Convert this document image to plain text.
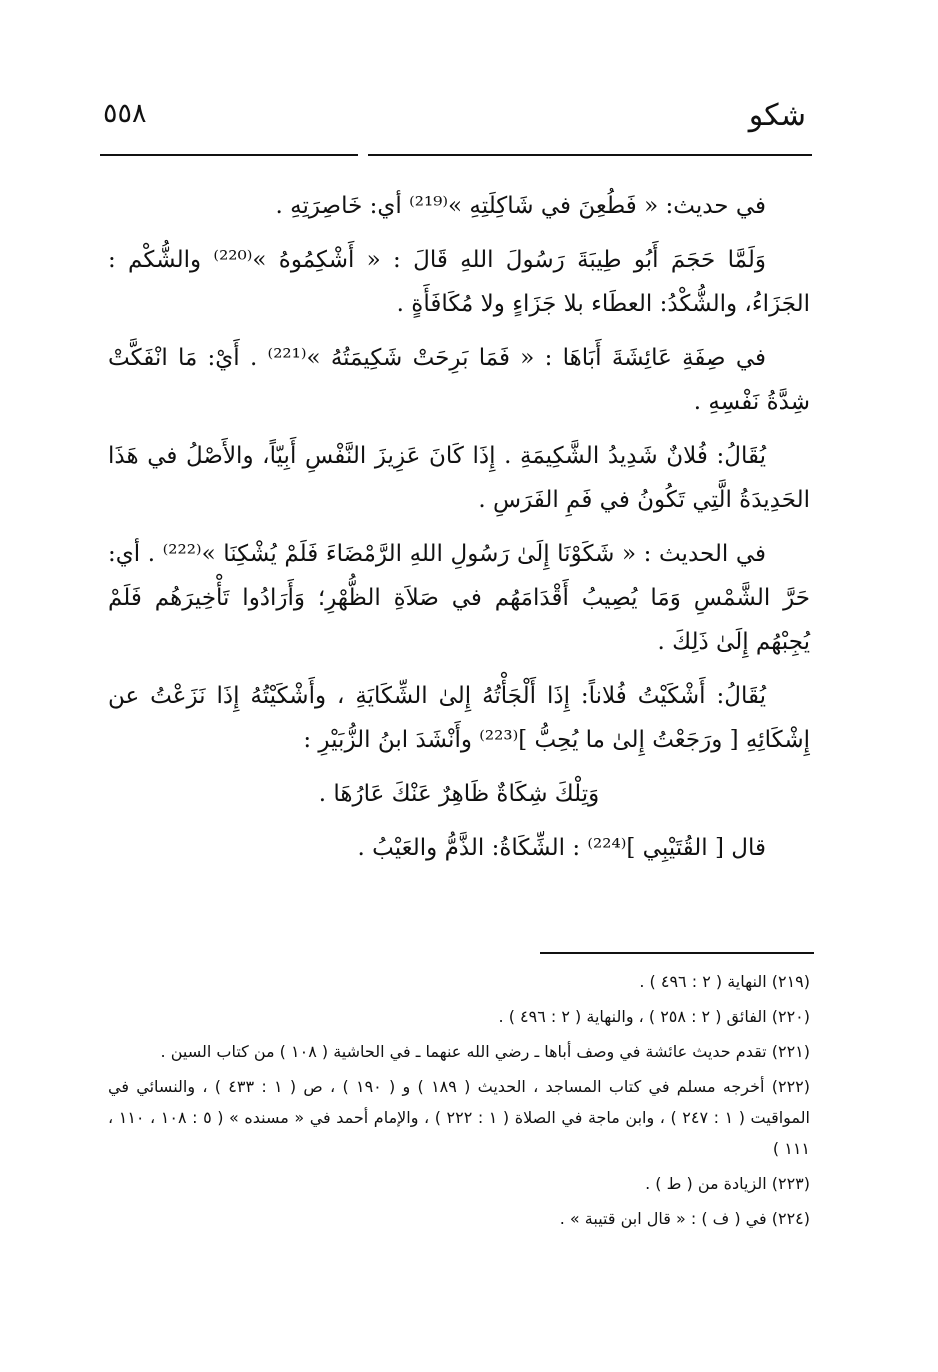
شكو
٥٥٨

في حديث: « فَطُعِنَ في شَاكِلَتِهِ »⁽²¹⁹⁾ أي: خَاصِرَتِهِ .

وَلَمَّا حَجَمَ أَبُو طِيبَةَ رَسُولَ اللهِ قَالَ : « أَشْكِمُوهُ »⁽²²⁰⁾ والشُّكْم : الجَزَاءُ، والشُّكْدُ: العطَاء بلا جَزَاءٍ ولا مُكَافَأَةٍ .

في صِفَةِ عَائِشَةَ أَبَاهَا : « فَمَا بَرِحَتْ شَكِيمَتُهُ »⁽²²¹⁾ . أَيْ: مَا انْفَكَّتْ شِدَّةُ نَفْسِهِ .

يُقَالُ: فُلانٌ شَدِيدُ الشَّكِيمَةِ . إِذَا كَانَ عَزِيزَ النَّفْسِ أَبِيّاً، والأَصْلُ في هَذَا الحَدِيدَةُ الَّتِي تَكُونُ في فَمِ الفَرَسِ .

في الحديث : « شَكَوْنَا إِلَىٰ رَسُولِ اللهِ الرَّمْضَاءَ فَلَمْ يُشْكِنَا »⁽²²²⁾ . أي: حَرَّ الشَّمْسِ وَمَا يُصِيبُ أَقْدَامَهُم في صَلاَةِ الظُّهْرِ؛ وَأَرَادُوا تَأْخِيرَهُم فَلَمْ يُجِبْهُم إِلَىٰ ذَلِكَ .

يُقَالُ: أَشْكَيْتُ فُلاناً: إِذَا أَلْجَأْتُهُ إِلىٰ الشِّكَايَةِ ، وأَشْكَيْتُهُ إِذَا نَزَعْتُ عن إِشْكَائِهِ [ ورَجَعْتُ إِلىٰ ما يُحِبُّ ]⁽²²³⁾ وأَنْشَدَ ابنُ الزُّبَيْرِ :

وَتِلْكَ شِكَاةٌ ظَاهِرٌ عَنْكَ عَارُهَا .

قال [ القُتَيْبِي ]⁽²²⁴⁾ : الشِّكَاةُ: الذَّمُّ والعَيْبُ .

(٢١٩) النهاية ( ٢ : ٤٩٦ ) .
(٢٢٠) الفائق ( ٢ : ٢٥٨ ) ، والنهاية ( ٢ : ٤٩٦ ) .
(٢٢١) تقدم حديث عائشة في وصف أباها ـ رضي الله عنهما ـ في الحاشية ( ١٠٨ ) من كتاب السين .
(٢٢٢) أخرجه مسلم في كتاب المساجد ، الحديث ( ١٨٩ ) و ( ١٩٠ ) ، ص ( ١ : ٤٣٣ ) ، والنسائي في المواقيت ( ١ : ٢٤٧ ) ، وابن ماجة في الصلاة ( ١ : ٢٢٢ ) ، والإمام أحمد في « مسنده » ( ٥ : ١٠٨ ، ١١٠ ، ١١١ )
(٢٢٣) الزيادة من ( ط ) .
(٢٢٤) في ( ف ) : « قال ابن قتيبة » .
